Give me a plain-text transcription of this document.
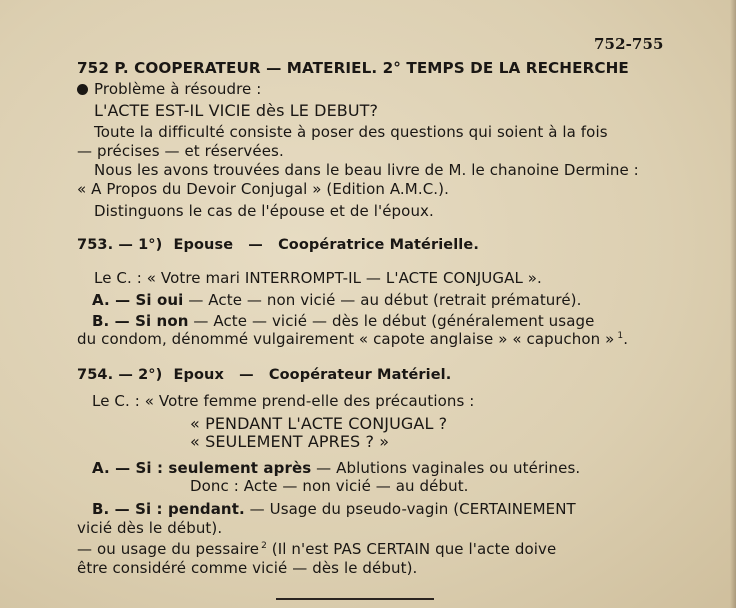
752-755
752 P. COOPERATEUR — MATERIEL. 2° TEMPS DE LA RECHERCHE
Problème à résoudre :
L'ACTE EST-IL VICIE dès LE DEBUT?
Toute la difficulté consiste à poser des questions qui soient à la fois
— précises — et réservées.
Nous les avons trouvées dans le beau livre de M. le chanoine Dermine :
« A Propos du Devoir Conjugal » (Edition A.M.C.).
Distinguons le cas de l'épouse et de l'époux.
753. — 1°) Epouse — Coopératrice Matérielle.
Le C. : « Votre mari INTERROMPT-IL — L'ACTE CONJUGAL ».
A. — Si oui — Acte — non vicié — au début (retrait prématuré).
B. — Si non — Acte — vicié — dès le début (généralement usage
du condom, dénommé vulgairement « capote anglaise » « capuchon » $^1$.
754. — 2°) Epoux — Coopérateur Matériel.
Le C. : « Votre femme prend-elle des précautions :
« PENDANT L'ACTE CONJUGAL ?
« SEULEMENT APRES ? »
A. — Si : seulement après — Ablutions vaginales ou utérines.
Donc : Acte — non vicié — au début.
B. — Si : pendant. — Usage du pseudo-vagin (CERTAINEMENT
vicié dès le début).
— ou usage du pessaire $^2$ (Il n'est PAS CERTAIN que l'acte doive
être considéré comme vicié — dès le début).
